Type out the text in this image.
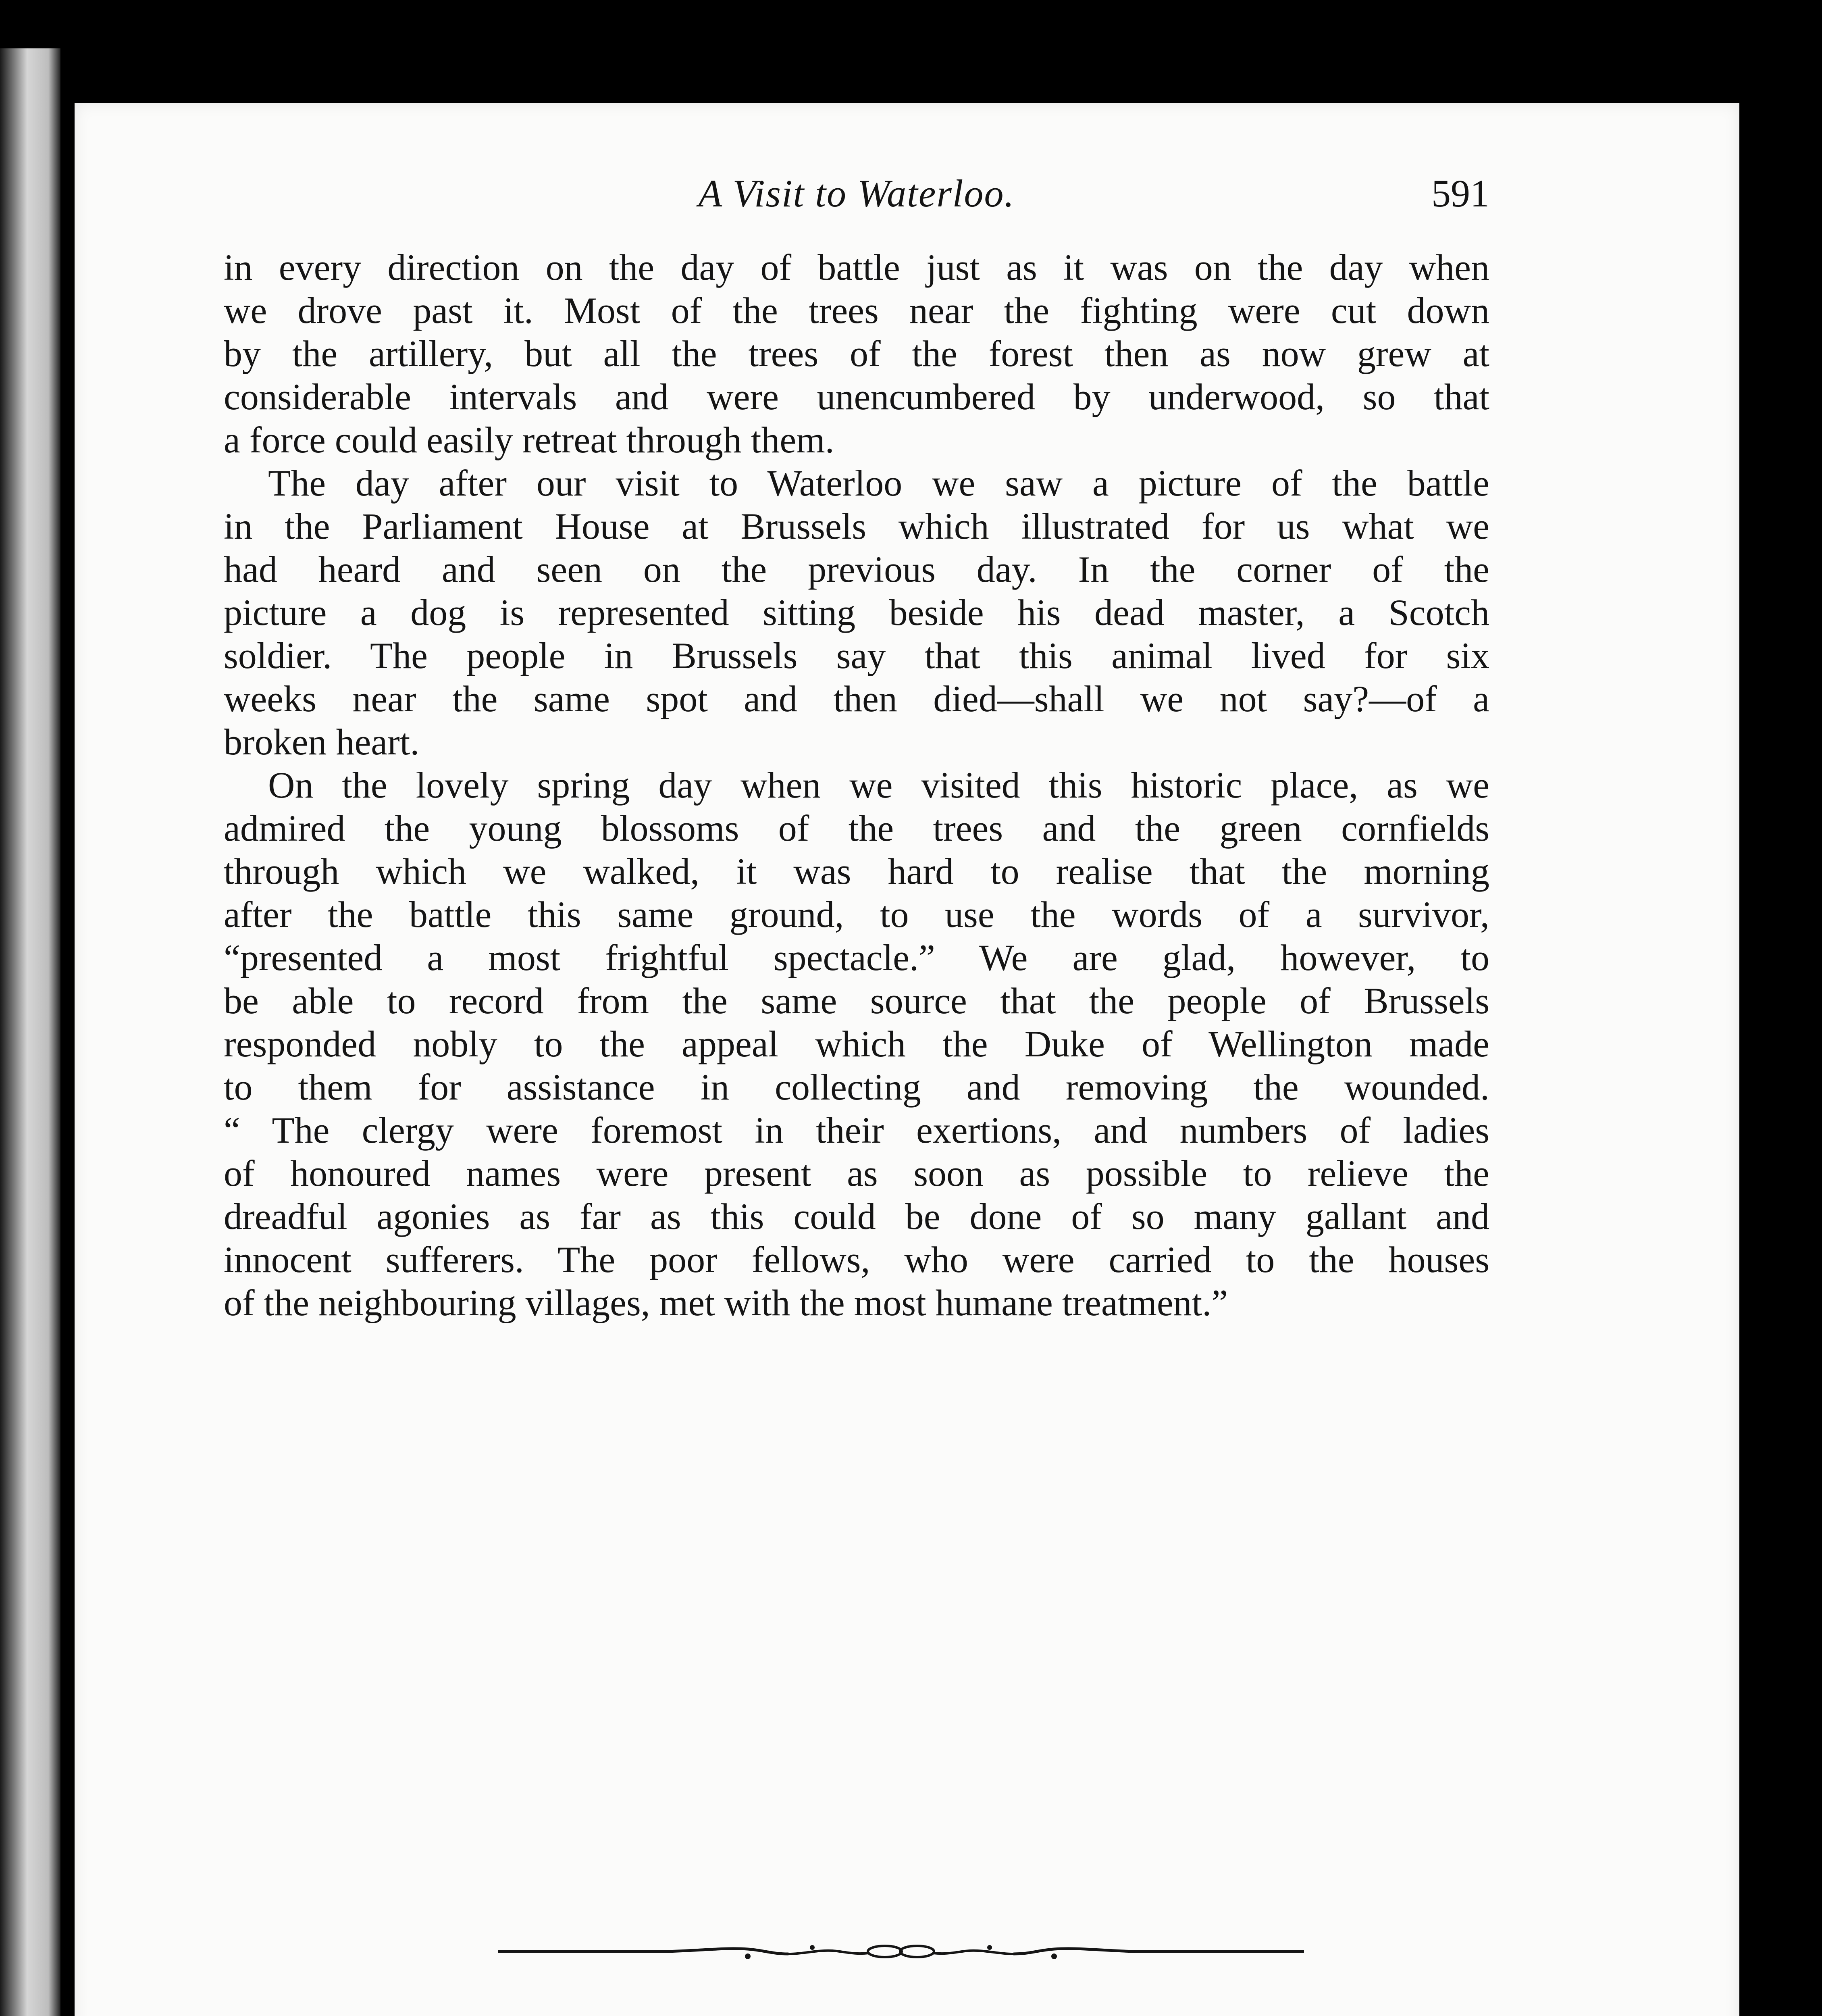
A Visit to Waterloo.	591
in every direction on the day of battle just as it was on the day when
we drove past it. Most of the trees near the fighting were cut down
by the artillery, but all the trees of the forest then as now grew at
considerable intervals and were unencumbered by underwood, so that
a force could easily retreat through them.
The day after our visit to Waterloo we saw a picture of the battle
in the Parliament House at Brussels which illustrated for us what we
had heard and seen on the previous day. In the corner of the
picture a dog is represented sitting beside his dead master, a Scotch
soldier. The people in Brussels say that this animal lived for six
weeks near the same spot and then died—shall we not say?—of a
broken heart.
On the lovely spring day when we visited this historic place, as we
admired the young blossoms of the trees and the green cornfields
through which we walked, it was hard to realise that the morning
after the battle this same ground, to use the words of a survivor,
“presented a most frightful spectacle.” We are glad, however, to
be able to record from the same source that the people of Brussels
responded nobly to the appeal which the Duke of Wellington made
to them for assistance in collecting and removing the wounded.
“ The clergy were foremost in their exertions, and numbers of ladies
of honoured names were present as soon as possible to relieve the
dreadful agonies as far as this could be done of so many gallant and
innocent sufferers. The poor fellows, who were carried to the houses
of the neighbouring villages, met with the most humane treatment.”
